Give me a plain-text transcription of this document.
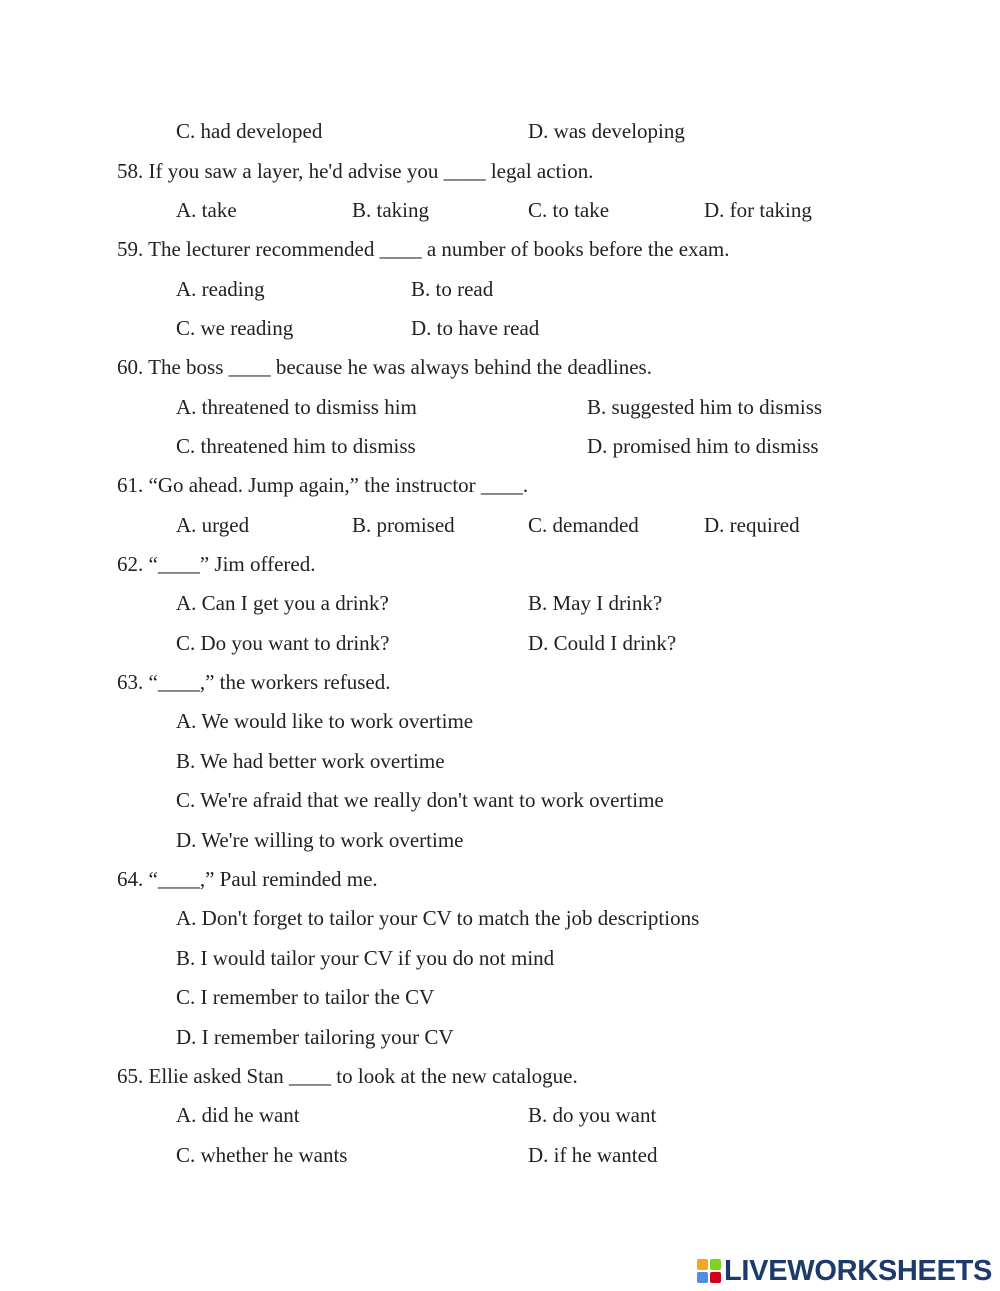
C. had developed	D. was developing
58. If you saw a layer, he'd advise you ____ legal action.
A. take	B. taking	C. to take	D. for taking
59. The lecturer recommended ____ a number of books before the exam.
A. reading	B. to read
C. we reading	D. to have read
60. The boss ____ because he was always behind the deadlines.
A. threatened to dismiss him	B. suggested him to dismiss
C. threatened him to dismiss	D. promised him to dismiss
61. “Go ahead. Jump again,” the instructor ____.
A. urged	B. promised	C. demanded	D. required
62. “____” Jim offered.
A. Can I get you a drink?	B. May I drink?
C. Do you want to drink?	D. Could I drink?
63. “____,” the workers refused.
A. We would like to work overtime
B. We had better work overtime
C. We're afraid that we really don't want to work overtime
D. We're willing to work overtime
64. “____,” Paul reminded me.
A. Don't forget to tailor your CV to match the job descriptions
B. I would tailor your CV if you do not mind
C. I remember to tailor the CV
D. I remember tailoring your CV
65. Ellie asked Stan ____ to look at the new catalogue.
A. did he want	B. do you want
C. whether he wants	D. if he wanted
LIVEWORKSHEETS
